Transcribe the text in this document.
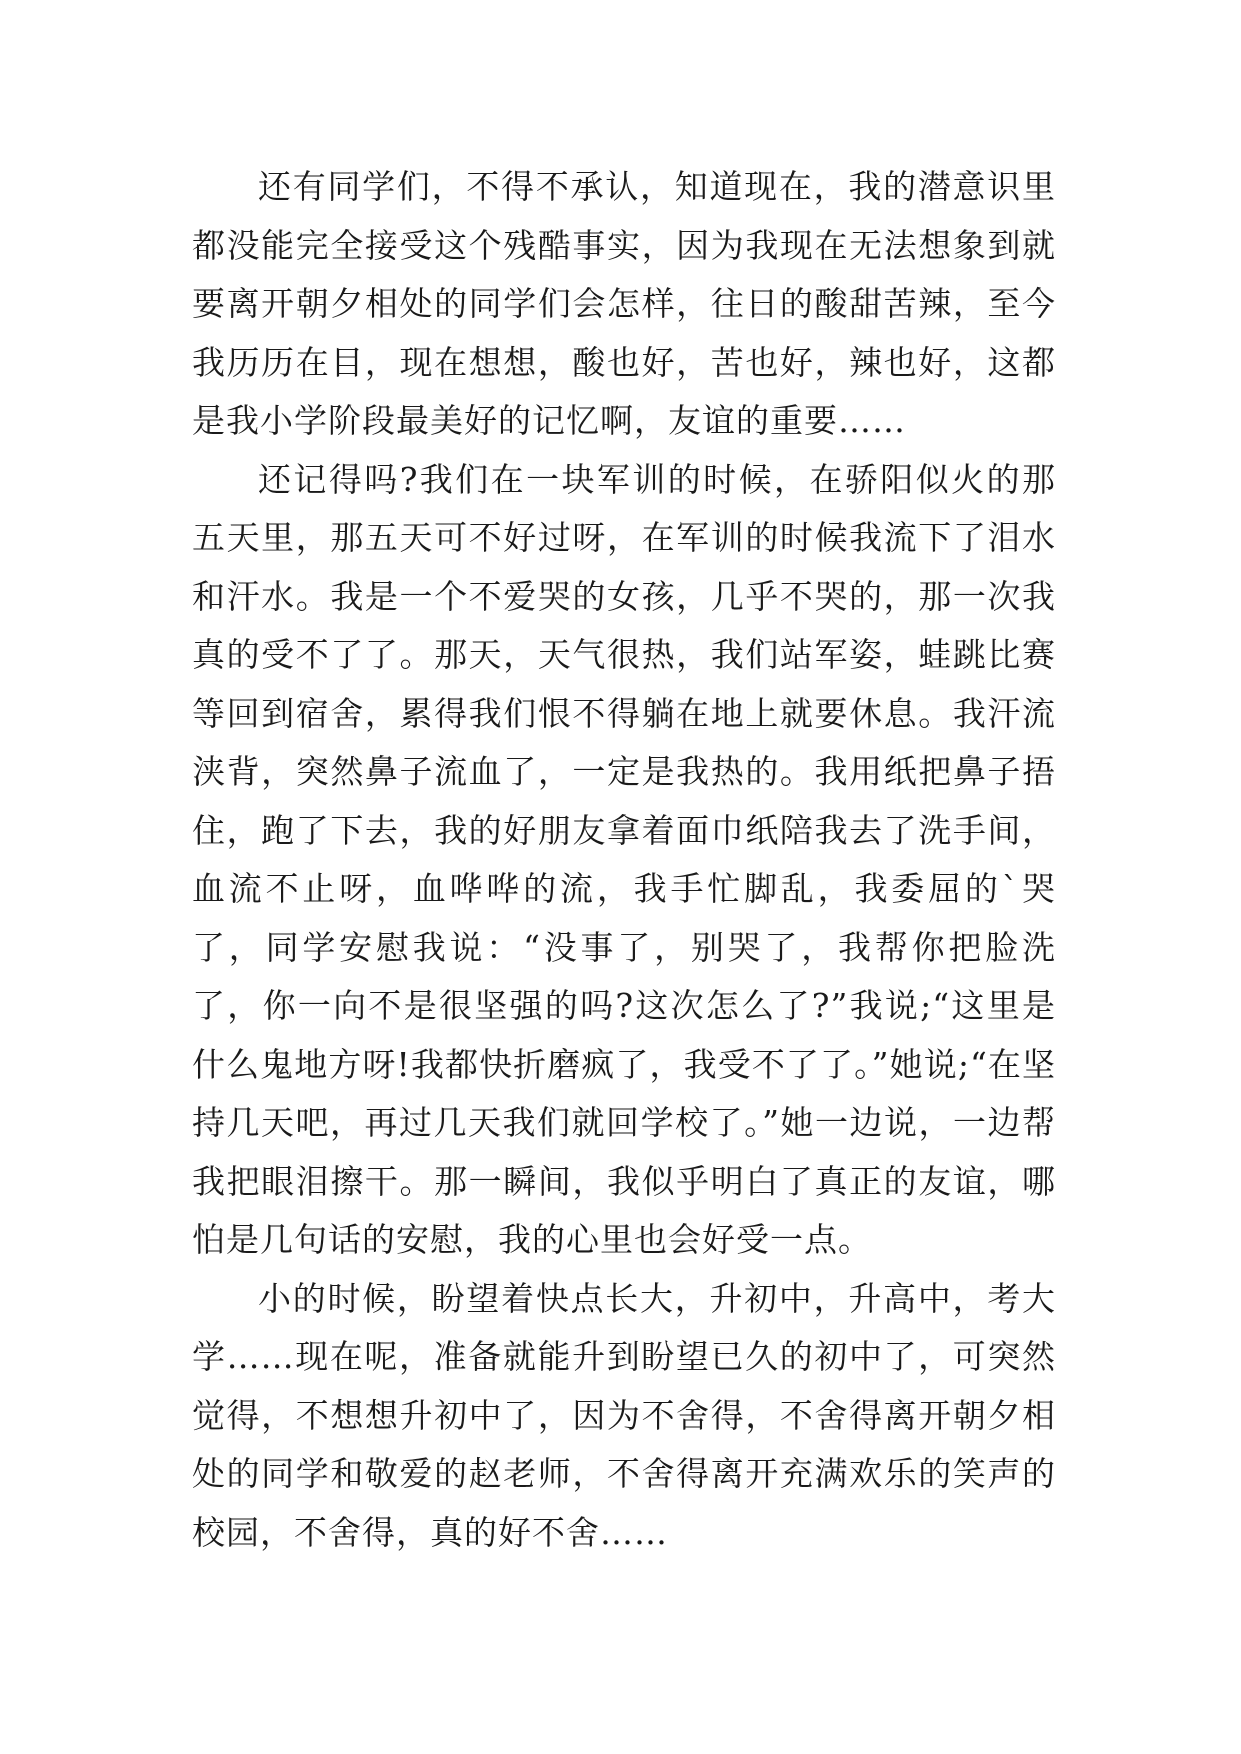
还有同学们，不得不承认，知道现在，我的潜意识里都没能完全接受这个残酷事实，因为我现在无法想象到就要离开朝夕相处的同学们会怎样，往日的酸甜苦辣，至今我历历在目，现在想想，酸也好，苦也好，辣也好，这都是我小学阶段最美好的记忆啊，友谊的重要……

还记得吗?我们在一块军训的时候，在骄阳似火的那五天里，那五天可不好过呀，在军训的时候我流下了泪水和汗水。我是一个不爱哭的女孩，几乎不哭的，那一次我真的受不了了。那天，天气很热，我们站军姿，蛙跳比赛等回到宿舍，累得我们恨不得躺在地上就要休息。我汗流浃背，突然鼻子流血了，一定是我热的。我用纸把鼻子捂住，跑了下去，我的好朋友拿着面巾纸陪我去了洗手间，血流不止呀，血哗哗的流，我手忙脚乱，我委屈的`哭了，同学安慰我说：“没事了，别哭了，我帮你把脸洗了，你一向不是很坚强的吗?这次怎么了?”我说;“这里是什么鬼地方呀!我都快折磨疯了，我受不了了。”她说;“在坚持几天吧，再过几天我们就回学校了。”她一边说，一边帮我把眼泪擦干。那一瞬间，我似乎明白了真正的友谊，哪怕是几句话的安慰，我的心里也会好受一点。

小的时候，盼望着快点长大，升初中，升高中，考大学……现在呢，准备就能升到盼望已久的初中了，可突然觉得，不想想升初中了，因为不舍得，不舍得离开朝夕相处的同学和敬爱的赵老师，不舍得离开充满欢乐的笑声的校园，不舍得，真的好不舍……
